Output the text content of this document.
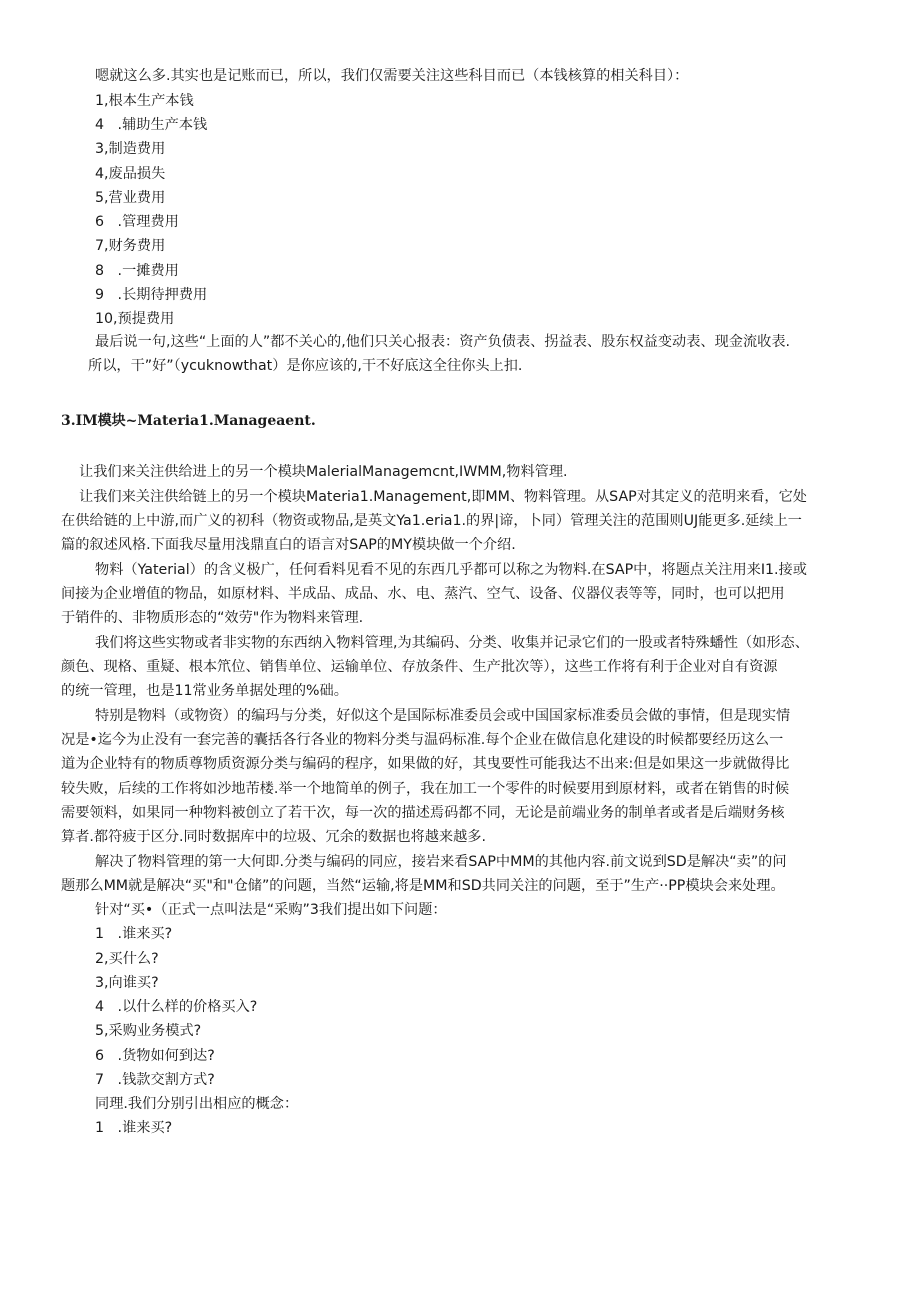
嗯就这么多.其实也是记账而已，所以，我们仅需要关注这些科目而已（本钱核算的相关科目）：
1,根本生产本钱
4   .辅助生产本钱
3,制造费用
4,废品损失
5,营业费用
6   .管理费用
7,财务费用
8   .一摊费用
9   .长期待押费用
10,预提费用
最后说一句,这些“上面的人”都不关心的,他们只关心报表：资产负债表、拐益表、股东权益变动表、现金流收表.
所以，干”好”（ycuknowthat）是你应该的,干不好底这全往你头上扣.
3.IM模块~Materia1.Manageaent.
让我们来关注供给进上的另一个模块MalerialManagemcnt,IWMM,物料管理.
让我们来关注供给链上的另一个模块Materia1.Management,即MM、物料管理。从SAP对其定义的范明来看，它处
在供给链的上中游,而广义的初科（物资或物品,是英文Ya1.eria1.的界|谛，卜同）管理关注的范围则UJ能更多.延续上一
篇的叙述风格.下面我尽量用浅鼎直白的语言对SAP的MY模块做一个介绍.
物料（Yaterial）的含义极广，任何看料见看不见的东西几乎都可以称之为物料.在SAP中，将题点关注用来I1.接或
间接为企业增值的物品，如原材料、半成品、成品、水、电、蒸汽、空气、设备、仪器仪表等等，同时，也可以把用
于销件的、非物质形态的“效劳"作为物料来管理.
我们将这些实物或者非实物的东西纳入物料管理,为其编码、分类、收集并记录它们的一股或者特殊蟠性（如形态、
颜色、现格、重疑、根本笊位、销售单位、运输单位、存放条件、生产批次等），这些工作将有利于企业对自有资源
的统一管理，也是11常业务单据处理的%础。
特别是物料（或物资）的编玛与分类，好似这个是国际标准委员会或中国国家标准委员会做的事情，但是现实情
况是•迄今为止没有一套完善的囊括各行各业的物料分类与温码标准.每个企业在做信息化建设的时候都要经历这么一
道为企业特有的物质尊物质资源分类与编码的程序，如果做的好，其曳要性可能我达不出来:但是如果这一步就做得比
较失败，后续的工作将如沙地芾楼.举一个地简单的例子，我在加工一个零件的时候要用到原材料，或者在销售的时候
需要领料，如果同一种物料被创立了若干次，每一次的描述焉码都不同，无论是前端业务的制单者或者是后端财务核
算者.都符疲于区分.同时数据库中的垃圾、冗余的数据也将越来越多.
解决了物料管理的第一大何即.分类与编码的同应，接岩来看SAP中MM的其他内容.前文说到SD是解决“卖”的问
题那么MM就是解决“买"和"仓储”的问题，当然“运输,将是MM和SD共同关注的问题，至于”生产··PP模块会来处理。
针对“买•（正式一点叫法是“采购”3我们提出如下问题：
1   .谁来买?
2,买什么?
3,向谁买?
4   .以什么样的价格买入?
5,采购业务模式?
6   .货物如何到达?
7   .钱款交割方式?
同理.我们分别引出相应的概念：
1   .谁来买?
